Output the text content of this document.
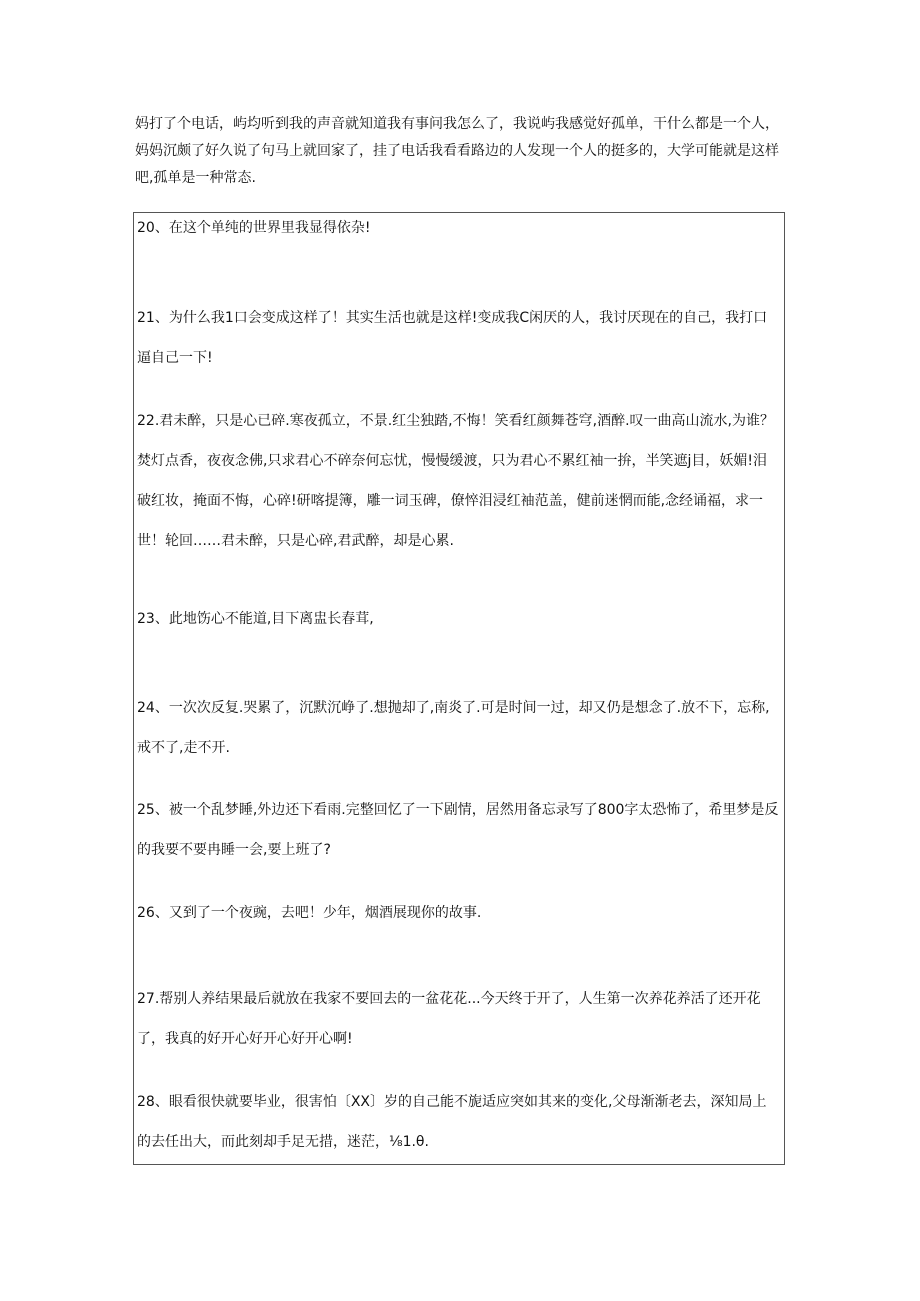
妈打了个电话，屿均听到我的声音就知道我有事问我怎么了，我说屿我感觉好孤单，干什么都是一个人，妈妈沉颇了好久说了句马上就回家了，挂了电话我看看路边的人发现一个人的挺多的，大学可能就是这样吧,孤单是一种常态.

20、在这个单纯的世界里我显得依杂!

21、为什么我1口会变成这样了！其实生活也就是这样!变成我C闲厌的人，我讨厌现在的自己，我打口逼自己一下!

22.君未醉，只是心已碎.寒夜孤立，不景.红尘独踏,不悔！笑看红颜舞苍穹,酒醉.叹一曲高山流水,为谁？焚灯点香，夜夜念佛,只求君心不碎奈何忘忧，慢慢缓渡，只为君心不累红袖一拚，半笑遮j目，妖媚!泪破红妆，掩面不悔，心碎!研喀提簿，雕一词玉碑，僚悴泪浸红袖范盖，健前迷惘而能,念经诵福，求一世！轮回……君未醉，只是心碎,君武醉，却是心累.

23、此地饬心不能道,目下离盅长春茸,

24、一次次反复.哭累了，沉默沉峥了.想抛却了,南炎了.可是时间一过，却又仍是想念了.放不下，忘称,戒不了,走不开.

25、被一个乱梦睡,外边还下看雨.完整回忆了一下剧情，居然用备忘录写了800字太恐怖了，希里梦是反的我要不要冉睡一会,要上班了?

26、又到了一个夜豌，去吧！少年，烟酒展现你的故事.

27.帮别人养结果最后就放在我家不要回去的一盆花花...今天终于开了，人生第一次养花养活了还开花了，我真的好开心好开心好开心啊!

28、眼看很快就要毕业，很害怕〔XX〕岁的自己能不旎适应突如其来的变化,父母渐渐老去，深知局上的去任出大，而此刻却手足无措，迷茫，⅛1.θ.
